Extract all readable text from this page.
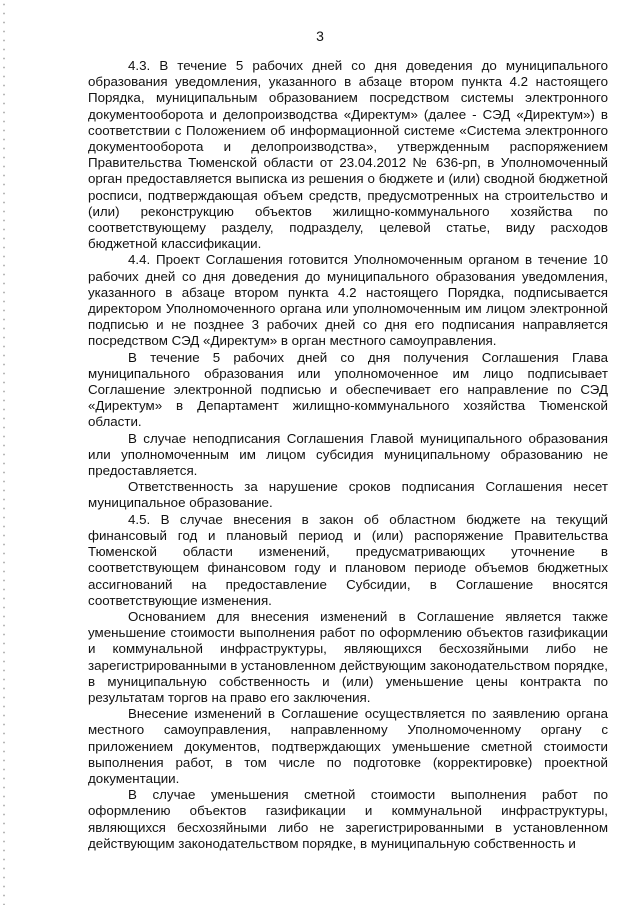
3

4.3. В течение 5 рабочих дней со дня доведения до муниципального образования уведомления, указанного в абзаце втором пункта 4.2 настоящего Порядка, муниципальным образованием посредством системы электронного документооборота и делопроизводства «Директум» (далее - СЭД «Директум») в соответствии с Положением об информационной системе «Система электронного документооборота и делопроизводства», утвержденным распоряжением Правительства Тюменской области от 23.04.2012 № 636-рп, в Уполномоченный орган предоставляется выписка из решения о бюджете и (или) сводной бюджетной росписи, подтверждающая объем средств, предусмотренных на строительство и (или) реконструкцию объектов жилищно-коммунального хозяйства по соответствующему разделу, подразделу, целевой статье, виду расходов бюджетной классификации.

4.4. Проект Соглашения готовится Уполномоченным органом в течение 10 рабочих дней со дня доведения до муниципального образования уведомления, указанного в абзаце втором пункта 4.2 настоящего Порядка, подписывается директором Уполномоченного органа или уполномоченным им лицом электронной подписью и не позднее 3 рабочих дней со дня его подписания направляется посредством СЭД «Директум» в орган местного самоуправления.

В течение 5 рабочих дней со дня получения Соглашения Глава муниципального образования или уполномоченное им лицо подписывает Соглашение электронной подписью и обеспечивает его направление по СЭД «Директум» в Департамент жилищно-коммунального хозяйства Тюменской области.

В случае неподписания Соглашения Главой муниципального образования или уполномоченным им лицом субсидия муниципальному образованию не предоставляется.

Ответственность за нарушение сроков подписания Соглашения несет муниципальное образование.

4.5. В случае внесения в закон об областном бюджете на текущий финансовый год и плановый период и (или) распоряжение Правительства Тюменской области изменений, предусматривающих уточнение в соответствующем финансовом году и плановом периоде объемов бюджетных ассигнований на предоставление Субсидии, в Соглашение вносятся соответствующие изменения.

Основанием для внесения изменений в Соглашение является также уменьшение стоимости выполнения работ по оформлению объектов газификации и коммунальной инфраструктуры, являющихся бесхозяйными либо не зарегистрированными в установленном действующим законодательством порядке, в муниципальную собственность и (или) уменьшение цены контракта по результатам торгов на право его заключения.

Внесение изменений в Соглашение осуществляется по заявлению органа местного самоуправления, направленному Уполномоченному органу с приложением документов, подтверждающих уменьшение сметной стоимости выполнения работ, в том числе по подготовке (корректировке) проектной документации.

В случае уменьшения сметной стоимости выполнения работ по оформлению объектов газификации и коммунальной инфраструктуры, являющихся бесхозяйными либо не зарегистрированными в установленном действующим законодательством порядке, в муниципальную собственность и
